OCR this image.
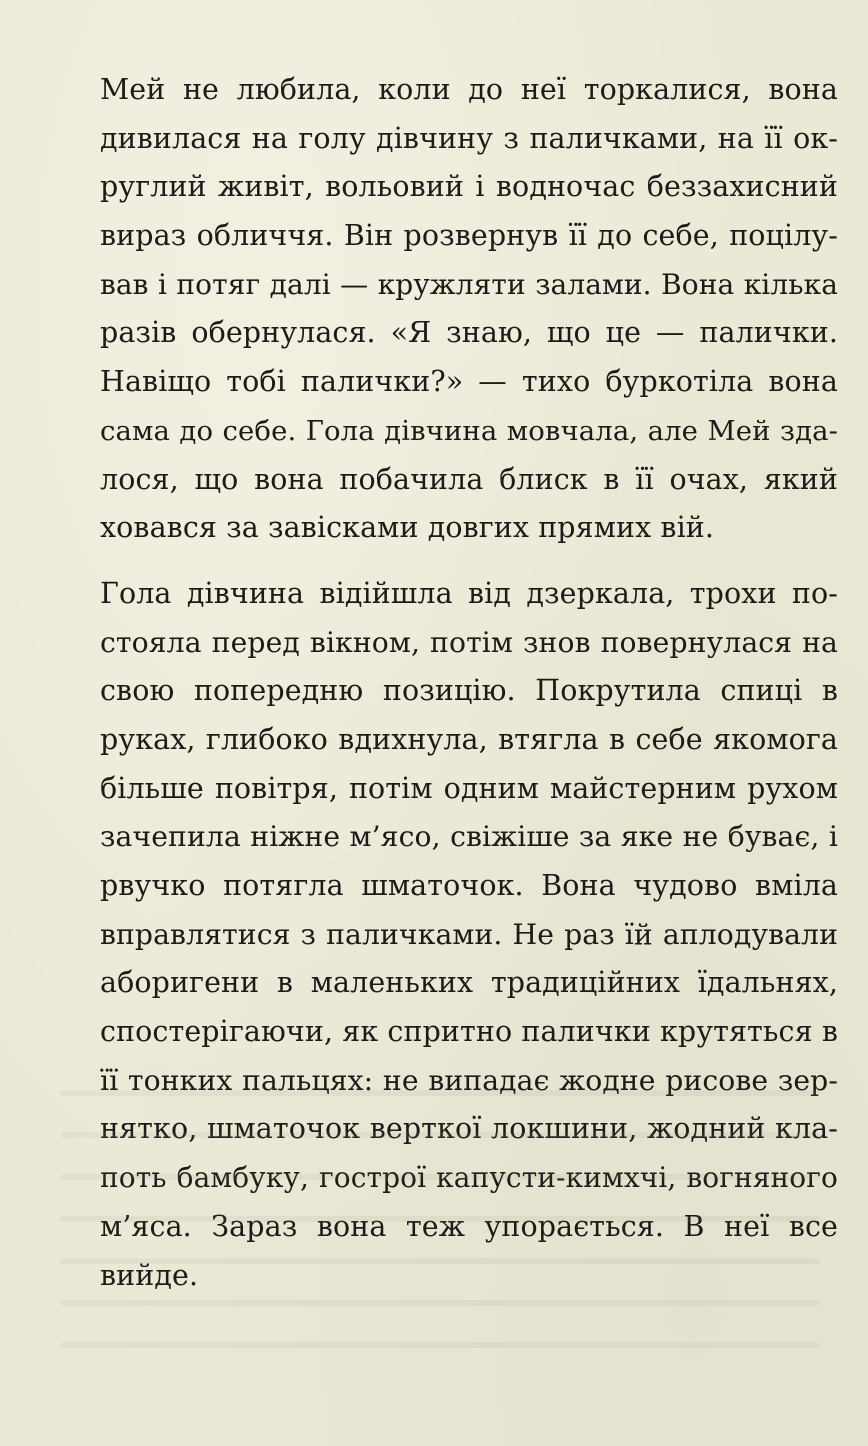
Мей не любила, коли до неї торкалися, вона
дивилася на голу дівчину з паличками, на її ок-
руглий живіт, вольовий і водночас беззахисний
вираз обличчя. Він розвернув її до себе, поцілу-
вав і потяг далі — кружляти залами. Вона кілька
разів обернулася. «Я знаю, що це — палички.
Навіщо тобі палички?» — тихо буркотіла вона
сама до себе. Гола дівчина мовчала, але Мей зда-
лося, що вона побачила блиск в її очах, який
ховався за завісками довгих прямих вій.
Гола дівчина відійшла від дзеркала, трохи по-
стояла перед вікном, потім знов повернулася на
свою попередню позицію. Покрутила спиці в
руках, глибоко вдихнула, втягла в себе якомога
більше повітря, потім одним майстерним рухом
зачепила ніжне м’ясо, свіжіше за яке не буває, і
рвучко потягла шматочок. Вона чудово вміла
вправлятися з паличками. Не раз їй аплодували
аборигени в маленьких традиційних їдальнях,
спостерігаючи, як спритно палички крутяться в
її тонких пальцях: не випадає жодне рисове зер-
нятко, шматочок верткої локшини, жодний кла-
поть бамбуку, гострої капусти-кимхчі, вогняного
м’яса. Зараз вона теж упорається. В неї все
вийде.
